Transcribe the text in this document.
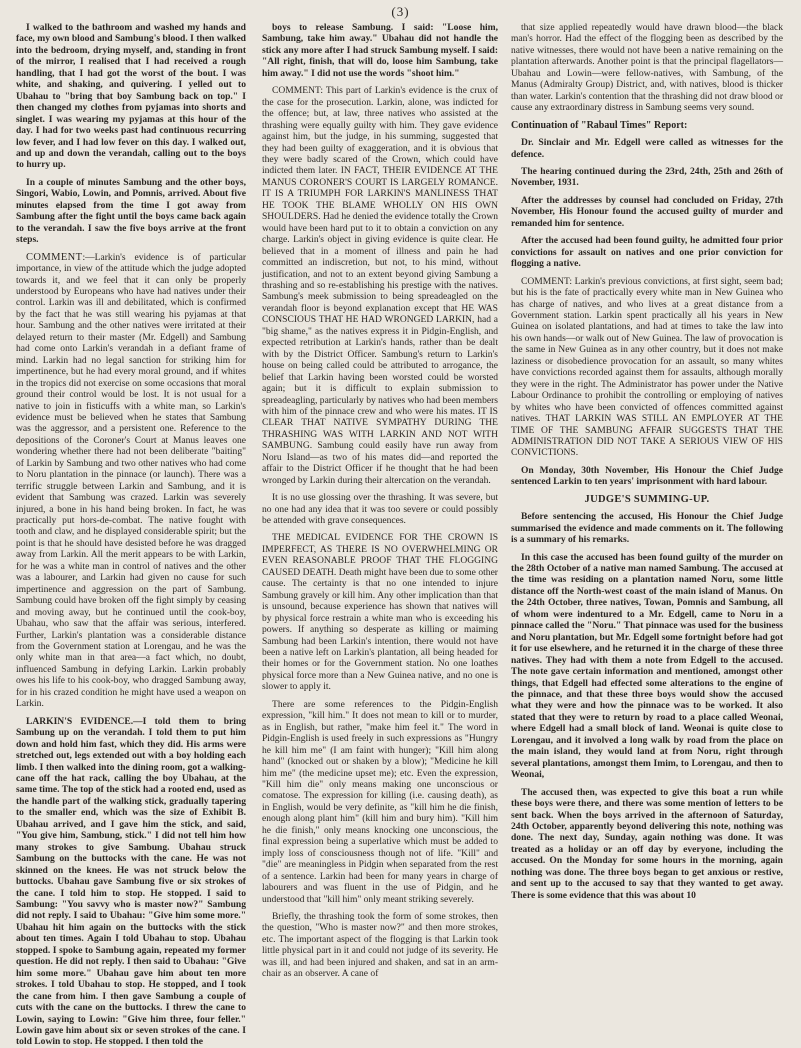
(3)

I walked to the bathroom and washed my hands and face, my own blood and Sambung's blood. I then walked into the bedroom, drying myself, and, standing in front of the mirror, I realised that I had received a rough handling, that I had got the worst of the bout. I was white, and shaking, and quivering. I yelled out to Ubahau to "bring that boy Sambung back on top." I then changed my clothes from pyjamas into shorts and singlet. I was wearing my pyjamas at this hour of the day. I had for two weeks past had continuous recurring low fever, and I had low fever on this day. I walked out, and up and down the verandah, calling out to the boys to hurry up.

In a couple of minutes Sambung and the other boys, Singori, Wabio, Lowin, and Pomnis, arrived. About five minutes elapsed from the time I got away from Sambung after the fight until the boys came back again to the verandah. I saw the five boys arrive at the front steps.

COMMENT:—Larkin's evidence is of particular importance, in view of the attitude which the judge adopted towards it, and we feel that it can only be properly understood by Europeans who have had natives under their control. Larkin was ill and debilitated, which is confirmed by the fact that he was still wearing his pyjamas at that hour. Sambung and the other natives were irritated at their delayed return to their master (Mr. Edgell) and Sambung had come onto Larkin's verandah in a defiant frame of mind. Larkin had no legal sanction for striking him for impertinence, but he had every moral ground, and if whites in the tropics did not exercise on some occasions that moral ground their control would be lost. It is not usual for a native to join in fisticuffs with a white man, so Larkin's evidence must be believed when he states that Sambung was the aggressor, and a persistent one. Reference to the depositions of the Coroner's Court at Manus leaves one wondering whether there had not been deliberate "baiting" of Larkin by Sambung and two other natives who had come to Noru plantation in the pinnace (or launch). There was a terrific struggle between Larkin and Sambung, and it is evident that Sambung was crazed. Larkin was severely injured, a bone in his hand being broken. In fact, he was practically put hors-de-combat. The native fought with tooth and claw, and he displayed considerable spirit; but the point is that he should have desisted before he was dragged away from Larkin. All the merit appears to be with Larkin, for he was a white man in control of natives and the other was a labourer, and Larkin had given no cause for such impertinence and aggression on the part of Sambung. Sambung could have broken off the fight simply by ceasing and moving away, but he continued until the cook-boy, Ubahau, who saw that the affair was serious, interfered. Further, Larkin's plantation was a considerable distance from the Government station at Lorengau, and he was the only white man in that area—a fact which, no doubt, influenced Sambung in defying Larkin. Larkin probably owes his life to his cook-boy, who dragged Sambung away, for in his crazed condition he might have used a weapon on Larkin.

LARKIN'S EVIDENCE.—I told them to bring Sambung up on the verandah. I told them to put him down and hold him fast, which they did. His arms were stretched out, legs extended out with a boy holding each limb. I then walked into the dining room, got a walking-cane off the hat rack, calling the boy Ubahau, at the same time. The top of the stick had a rooted end, used as the handle part of the walking stick, gradually tapering to the smaller end, which was the size of Exhibit B. Ubahau arrived, and I gave him the stick, and said, "You give him, Sambung, stick." I did not tell him how many strokes to give Sambung. Ubahau struck Sambung on the buttocks with the cane. He was not skinned on the knees. He was not struck below the buttocks. Ubahau gave Sambung five or six strokes of the cane. I told him to stop. He stopped. I said to Sambung: "You savvy who is master now?" Sambung did not reply. I said to Ubahau: "Give him some more." Ubahau hit him again on the buttocks with the stick about ten times. Again I told Ubahau to stop. Ubahau stopped. I spoke to Sambung again, repeated my former question. He did not reply. I then said to Ubahau: "Give him some more." Ubahau gave him about ten more strokes. I told Ubahau to stop. He stopped, and I took the cane from him. I then gave Sambung a couple of cuts with the cane on the buttocks. I threw the cane to Lowin, saying to Lowin: "Give him three, four feller." Lowin gave him about six or seven strokes of the cane. I told Lowin to stop. He stopped. I then told the

boys to release Sambung. I said: "Loose him, Sambung, take him away." Ubahau did not handle the stick any more after I had struck Sambung myself. I said: "All right, finish, that will do, loose him Sambung, take him away." I did not use the words "shoot him."

COMMENT: This part of Larkin's evidence is the crux of the case for the prosecution. Larkin, alone, was indicted for the offence; but, at law, three natives who assisted at the thrashing were equally guilty with him. They gave evidence against him, but the judge, in his summing, suggested that they had been guilty of exaggeration, and it is obvious that they were badly scared of the Crown, which could have indicted them later. IN FACT, THEIR EVIDENCE AT THE MANUS CORONER'S COURT IS LARGELY ROMANCE. IT IS A TRIUMPH FOR LARKIN'S MANLINESS THAT HE TOOK THE BLAME WHOLLY ON HIS OWN SHOULDERS. Had he denied the evidence totally the Crown would have been hard put to it to obtain a conviction on any charge. Larkin's object in giving evidence is quite clear. He believed that in a moment of illness and pain he had committed an indiscretion, but not, to his mind, without justification, and not to an extent beyond giving Sambung a thrashing and so re-establishing his prestige with the natives. Sambung's meek submission to being spreadeagled on the verandah floor is beyond explanation except that HE WAS CONSCIOUS THAT HE HAD WRONGED LARKIN, had a "big shame," as the natives express it in Pidgin-English, and expected retribution at Larkin's hands, rather than be dealt with by the District Officer. Sambung's return to Larkin's house on being called could be attributed to arrogance, the belief that Larkin having been worsted could be worsted again; but it is difficult to explain submission to spreadeagling, particularly by natives who had been members with him of the pinnace crew and who were his mates. IT IS CLEAR THAT NATIVE SYMPATHY DURING THE THRASHING WAS WITH LARKIN AND NOT WITH SAMBUNG. Sambung could easily have run away from Noru Island—as two of his mates did—and reported the affair to the District Officer if he thought that he had been wronged by Larkin during their altercation on the verandah.

It is no use glossing over the thrashing. It was severe, but no one had any idea that it was too severe or could possibly be attended with grave consequences.

THE MEDICAL EVIDENCE FOR THE CROWN IS IMPERFECT, AS THERE IS NO OVERWHELMING OR EVEN REASONABLE PROOF THAT THE FLOGGING CAUSED DEATH. Death might have been due to some other cause. The certainty is that no one intended to injure Sambung gravely or kill him. Any other implication than that is unsound, because experience has shown that natives will by physical force restrain a white man who is exceeding his powers. If anything so desperate as killing or maiming Sambung had been Larkin's intention, there would not have been a native left on Larkin's plantation, all being headed for their homes or for the Government station. No one loathes physical force more than a New Guinea native, and no one is slower to apply it.

There are some references to the Pidgin-English expression, "kill him." It does not mean to kill or to murder, as in English, but rather, "make him feel it." The word in Pidgin-English is used freely in such expressions as "Hungry he kill him me" (I am faint with hunger); "Kill him along hand" (knocked out or shaken by a blow); "Medicine he kill him me" (the medicine upset me); etc. Even the expression, "Kill him die" only means making one unconscious or comatose. The expression for killing (i.e. causing death), as in English, would be very definite, as "kill him he die finish, enough along plant him" (kill him and bury him). "Kill him he die finish," only means knocking one unconscious, the final expression being a superlative which must be added to imply loss of consciousness though not of life. "Kill" and "die" are meaningless in Pidgin when separated from the rest of a sentence. Larkin had been for many years in charge of labourers and was fluent in the use of Pidgin, and he understood that "kill him" only meant striking severely.

Briefly, the thrashing took the form of some strokes, then the question, "Who is master now?" and then more strokes, etc. The important aspect of the flogging is that Larkin took little physical part in it and could not judge of its severity. He was ill, and had been injured and shaken, and sat in an arm-chair as an observer. A cane of

that size applied repeatedly would have drawn blood—the black man's horror. Had the effect of the flogging been as described by the native witnesses, there would not have been a native remaining on the plantation afterwards. Another point is that the principal flagellators—Ubahau and Lowin—were fellow-natives, with Sambung, of the Manus (Admiralty Group) District, and, with natives, blood is thicker than water. Larkin's contention that the thrashing did not draw blood or cause any extraordinary distress in Sambung seems very sound.

Continuation of "Rabaul Times" Report:

Dr. Sinclair and Mr. Edgell were called as witnesses for the defence.

The hearing continued during the 23rd, 24th, 25th and 26th of November, 1931.

After the addresses by counsel had concluded on Friday, 27th November, His Honour found the accused guilty of murder and remanded him for sentence.

After the accused had been found guilty, he admitted four prior convictions for assault on natives and one prior conviction for flogging a native.

COMMENT: Larkin's previous convictions, at first sight, seem bad; but his is the fate of practically every white man in New Guinea who has charge of natives, and who lives at a great distance from a Government station. Larkin spent practically all his years in New Guinea on isolated plantations, and had at times to take the law into his own hands—or walk out of New Guinea. The law of provocation is the same in New Guinea as in any other country, but it does not make laziness or disobedience provocation for an assault, so many whites have convictions recorded against them for assaults, although morally they were in the right. The Administrator has power under the Native Labour Ordinance to prohibit the controlling or employing of natives by whites who have been convicted of offences committed against natives. THAT LARKIN WAS STILL AN EMPLOYER AT THE TIME OF THE SAMBUNG AFFAIR SUGGESTS THAT THE ADMINISTRATION DID NOT TAKE A SERIOUS VIEW OF HIS CONVICTIONS.

On Monday, 30th November, His Honour the Chief Judge sentenced Larkin to ten years' imprisonment with hard labour.

JUDGE'S SUMMING-UP.

Before sentencing the accused, His Honour the Chief Judge summarised the evidence and made comments on it. The following is a summary of his remarks.

In this case the accused has been found guilty of the murder on the 28th October of a native man named Sambung. The accused at the time was residing on a plantation named Noru, some little distance off the North-west coast of the main island of Manus. On the 24th October, three natives, Towan, Pomnis and Sambung, all of whom were indentured to a Mr. Edgell, came to Noru in a pinnace called the "Noru." That pinnace was used for the business and Noru plantation, but Mr. Edgell some fortnight before had got it for use elsewhere, and he returned it in the charge of these three natives. They had with them a note from Edgell to the accused. The note gave certain information and mentioned, amongst other things, that Edgell had effected some alterations to the engine of the pinnace, and that these three boys would show the accused what they were and how the pinnace was to be worked. It also stated that they were to return by road to a place called Weonai, where Edgell had a small block of land. Weonai is quite close to Lorengau, and it involved a long walk by road from the place on the main island, they would land at from Noru, right through several plantations, amongst them Imim, to Lorengau, and then to Weonai,

The accused then, was expected to give this boat a run while these boys were there, and there was some mention of letters to be sent back. When the boys arrived in the afternoon of Saturday, 24th October, apparently beyond delivering this note, nothing was done. The next day, Sunday, again nothing was done. It was treated as a holiday or an off day by everyone, including the accused. On the Monday for some hours in the morning, again nothing was done. The three boys began to get anxious or restive, and sent up to the accused to say that they wanted to get away. There is some evidence that this was about 10
